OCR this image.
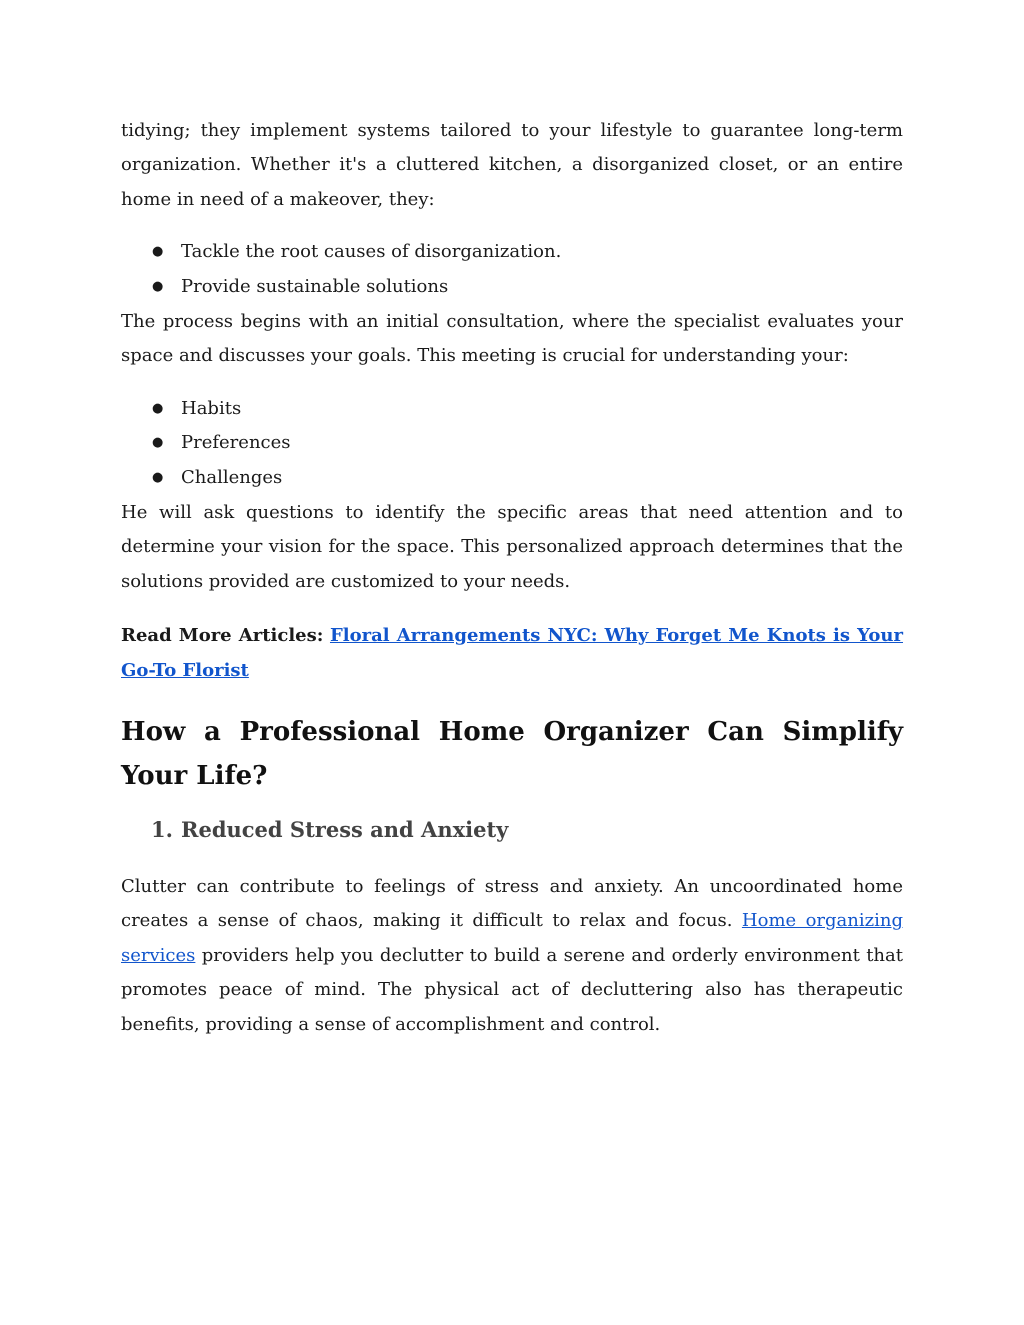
tidying; they implement systems tailored to your lifestyle to guarantee long-term organization. Whether it's a cluttered kitchen, a disorganized closet, or an entire home in need of a makeover, they:

● Tackle the root causes of disorganization.
● Provide sustainable solutions

The process begins with an initial consultation, where the specialist evaluates your space and discusses your goals. This meeting is crucial for understanding your:

● Habits
● Preferences
● Challenges

He will ask questions to identify the specific areas that need attention and to determine your vision for the space. This personalized approach determines that the solutions provided are customized to your needs.

Read More Articles: Floral Arrangements NYC: Why Forget Me Knots is Your Go-To Florist

How a Professional Home Organizer Can Simplify Your Life?
1. Reduced Stress and Anxiety

Clutter can contribute to feelings of stress and anxiety. An uncoordinated home creates a sense of chaos, making it difficult to relax and focus. Home organizing services providers help you declutter to build a serene and orderly environment that promotes peace of mind. The physical act of decluttering also has therapeutic benefits, providing a sense of accomplishment and control.
